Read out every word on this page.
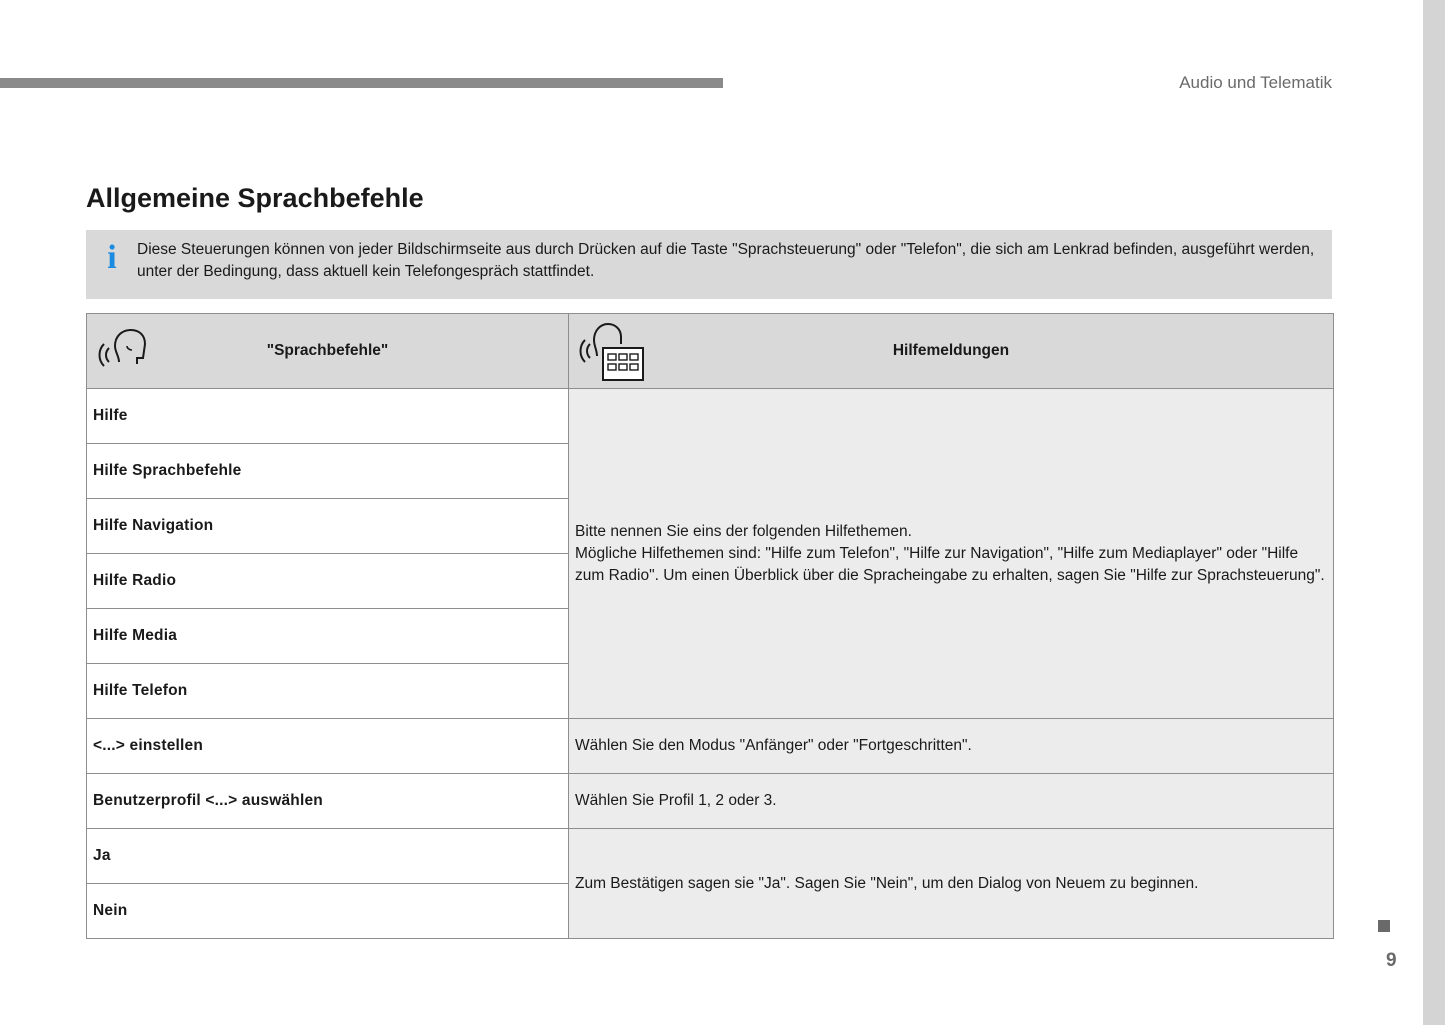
Audio und Telematik
Allgemeine Sprachbefehle
i Diese Steuerungen können von jeder Bildschirmseite aus durch Drücken auf die Taste "Sprachsteuerung" oder "Telefon", die sich am Lenkrad befinden, ausgeführt werden, unter der Bedingung, dass aktuell kein Telefongespräch stattfindet.
"Sprachbefehle"	Hilfemeldungen

Hilfe	Bitte nennen Sie eins der folgenden Hilfethemen.
Mögliche Hilfethemen sind: "Hilfe zum Telefon", "Hilfe zur Navigation", "Hilfe zum Mediaplayer" oder "Hilfe zum Radio". Um einen Überblick über die Spracheingabe zu erhalten, sagen Sie "Hilfe zur Sprachsteuerung".

Hilfe Sprachbefehle	
Hilfe Navigation	
Hilfe Radio	
Hilfe Media	
Hilfe Telefon	
<...> einstellen	Wählen Sie den Modus "Anfänger" oder "Fortgeschritten".
Benutzerprofil <...> auswählen	Wählen Sie Profil 1, 2 oder 3.
Ja	Zum Bestätigen sagen sie "Ja". Sagen Sie "Nein", um den Dialog von Neuem zu beginnen.
Nein	
9
